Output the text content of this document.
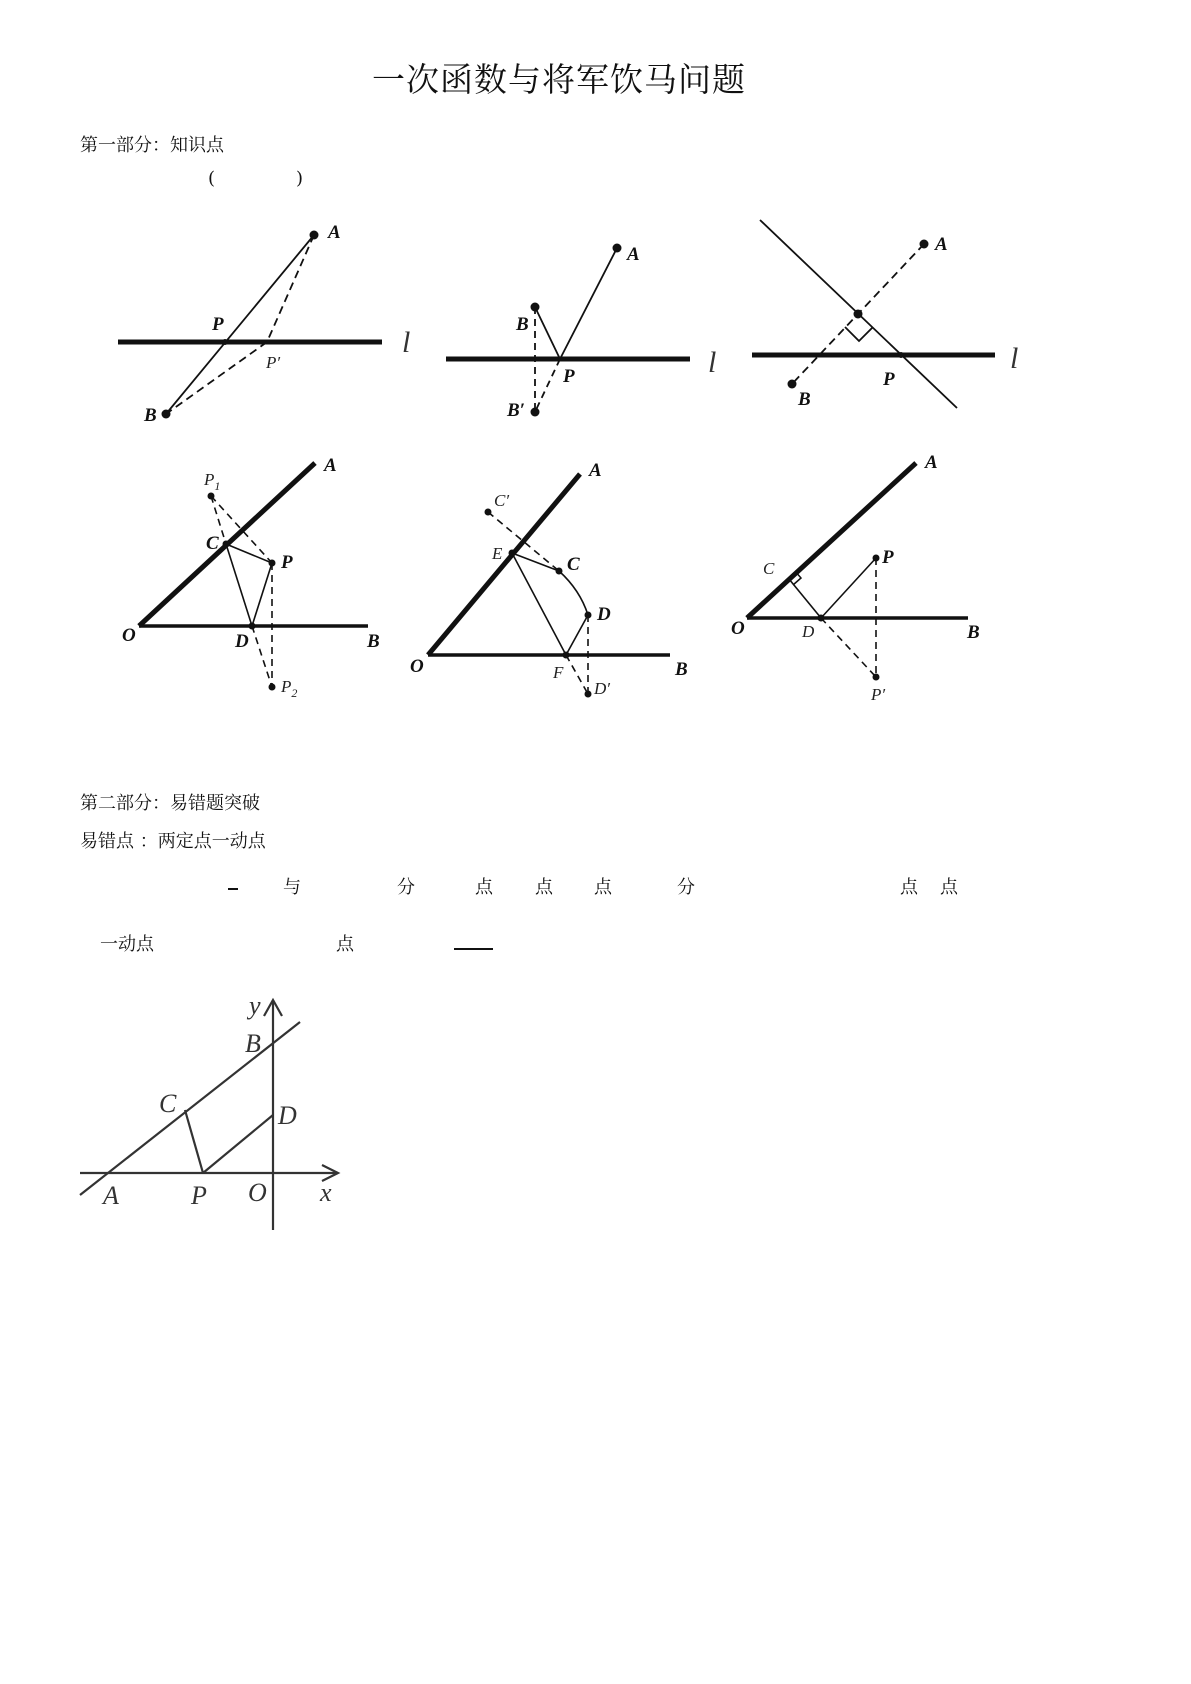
一次函数与将军饮马问题
第一部分：知识点
(	)
A
P
P′
B
l
A
B
P
B′
l
A
P
B
l
$P_1$
A
C
P
O	D	B
$P_2$
C′
A
E
C
D
O	F
D′
B
A
P
C
O	D	B
P′
第二部分：易错题突破
易错点 ：两定点一动点
与	分	点 点 点	分	点 点
一动点	点
y
B
C	D
A	P O x
